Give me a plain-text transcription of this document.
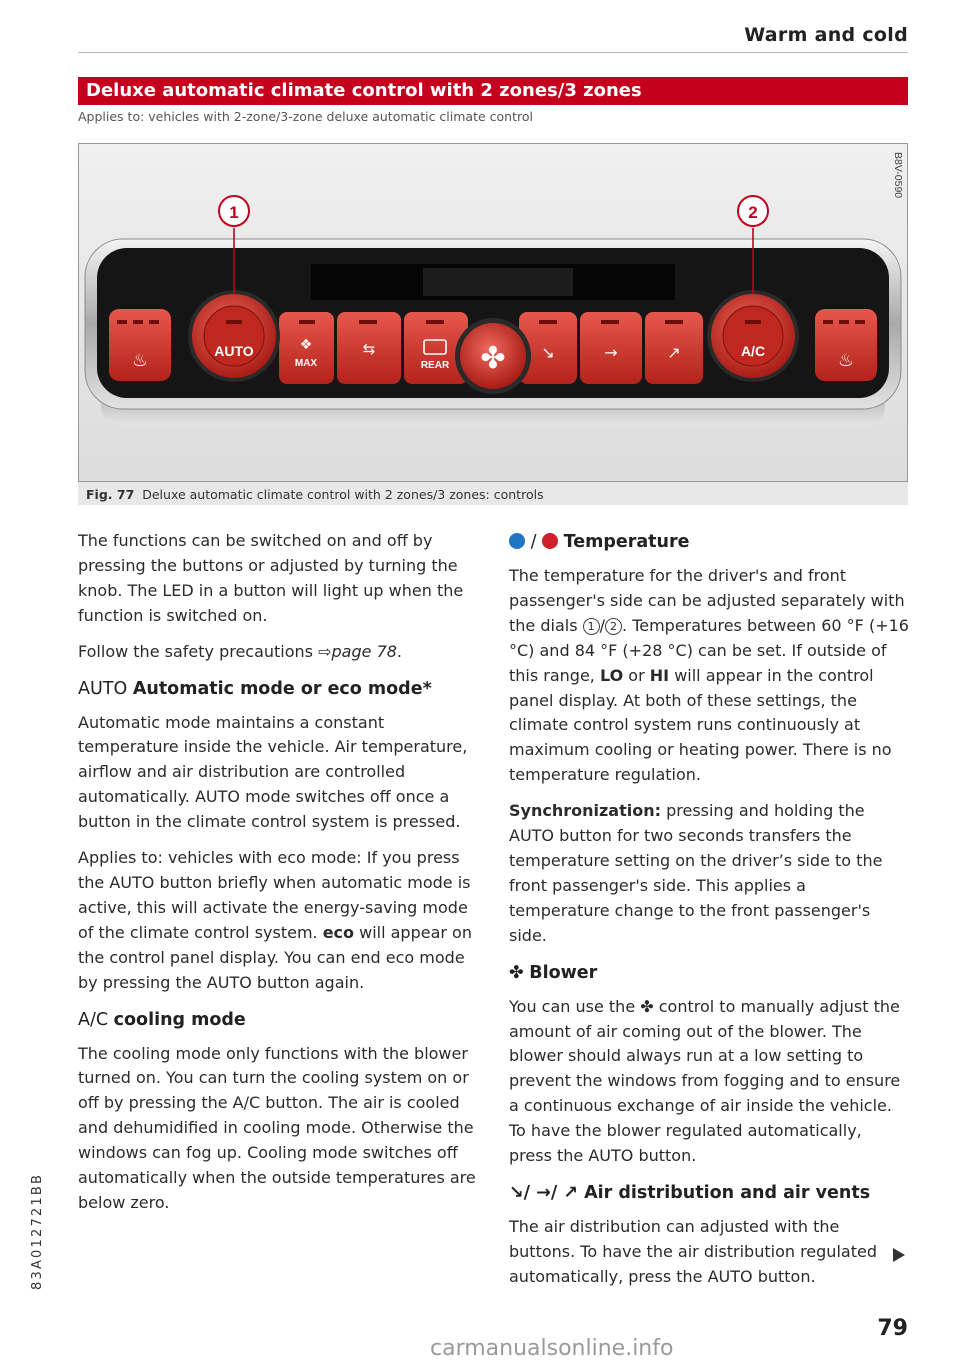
Warm and cold
Deluxe automatic climate control with 2 zones/3 zones
Applies to: vehicles with 2-zone/3-zone deluxe automatic climate control
B8V-0590
♨
❖
MAX
⇆
REAR
↘	→	↗	♨
AUTO	✤	A/C
1	2
Fig. 77 Deluxe automatic climate control with 2 zones/3 zones: controls

The functions can be switched on and off by pressing the buttons or adjusted by turning the knob. The LED in a button will light up when the function is switched on.

Follow the safety precautions ⇨page 78.

AUTO Automatic mode or eco mode*

Automatic mode maintains a constant temperature inside the vehicle. Air temperature, airflow and air distribution are controlled automatically. AUTO mode switches off once a button in the climate control system is pressed.

Applies to: vehicles with eco mode: If you press the AUTO button briefly when automatic mode is active, this will activate the energy-saving mode of the climate control system. eco will appear on the control panel display. You can end eco mode by pressing the AUTO button again.

A/C cooling mode

The cooling mode only functions with the blower turned on. You can turn the cooling system on or off by pressing the A/C button. The air is cooled and dehumidified in cooling mode. Otherwise the windows can fog up. Cooling mode switches off automatically when the outside temperatures are below zero.

/  Temperature

The temperature for the driver's and front passenger's side can be adjusted separately with the dials 1 / 2 . Temperatures between 60 °F (+16 °C) and 84 °F (+28 °C) can be set. If outside of this range, LO or HI will appear in the control panel display. At both of these settings, the climate control system runs continuously at maximum cooling or heating power. There is no temperature regulation.

Synchronization: pressing and holding the AUTO button for two seconds transfers the temperature setting on the driver’s side to the front passenger's side. This applies a temperature change to the front passenger's side.

✤ Blower

You can use the ✤ control to manually adjust the amount of air coming out of the blower. The blower should always run at a low setting to prevent the windows from fogging and to ensure a continuous exchange of air inside the vehicle. To have the blower regulated automatically, press the AUTO button.

↘/ →/ ↗ Air distribution and air vents

The air distribution can adjusted with the buttons. To have the air distribution regulated automatically, press the AUTO button.

79
83A012721BB
carmanualsonline.info
